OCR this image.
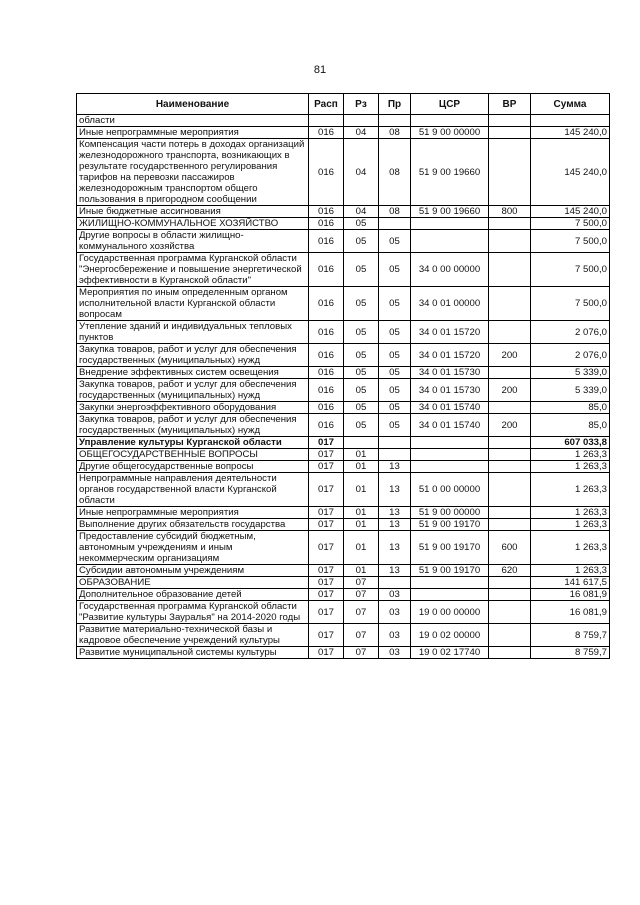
81
Наименование	Расп	Рз	Пр	ЦСР	ВР	Сумма
области						
Иные непрограммные мероприятия	016	04	08	51 9 00 00000		145 240,0
Компенсация части потерь в доходах организаций железнодорожного транспорта, возникающих в результате государственного регулирования тарифов на перевозки пассажиров железнодорожным транспортом общего пользования в пригородном сообщении	016	04	08	51 9 00 19660		145 240,0
Иные бюджетные ассигнования	016	04	08	51 9 00 19660	800	145 240,0
ЖИЛИЩНО-КОММУНАЛЬНОЕ ХОЗЯЙСТВО	016	05				7 500,0
Другие вопросы в области жилищно-коммунального хозяйства	016	05	05			7 500,0
Государственная программа Курганской области "Энергосбережение и повышение энергетической эффективности в Курганской области"	016	05	05	34 0 00 00000		7 500,0
Мероприятия по иным определенным органом исполнительной власти Курганской области вопросам	016	05	05	34 0 01 00000		7 500,0
Утепление зданий и индивидуальных тепловых пунктов	016	05	05	34 0 01 15720		2 076,0
Закупка товаров, работ и услуг для обеспечения государственных (муниципальных) нужд	016	05	05	34 0 01 15720	200	2 076,0
Внедрение эффективных систем освещения	016	05	05	34 0 01 15730		5 339,0
Закупка товаров, работ и услуг для обеспечения государственных (муниципальных) нужд	016	05	05	34 0 01 15730	200	5 339,0
Закупки энергоэффективного оборудования	016	05	05	34 0 01 15740		85,0
Закупка товаров, работ и услуг для обеспечения государственных (муниципальных) нужд	016	05	05	34 0 01 15740	200	85,0
Управление культуры Курганской области	017					607 033,8
ОБЩЕГОСУДАРСТВЕННЫЕ ВОПРОСЫ	017	01				1 263,3
Другие общегосударственные вопросы	017	01	13			1 263,3
Непрограммные направления деятельности органов государственной власти Курганской области	017	01	13	51 0 00 00000		1 263,3
Иные непрограммные мероприятия	017	01	13	51 9 00 00000		1 263,3
Выполнение других обязательств государства	017	01	13	51 9 00 19170		1 263,3
Предоставление субсидий бюджетным, автономным учреждениям и иным некоммерческим организациям	017	01	13	51 9 00 19170	600	1 263,3
Субсидии автономным учреждениям	017	01	13	51 9 00 19170	620	1 263,3
ОБРАЗОВАНИЕ	017	07				141 617,5
Дополнительное образование детей	017	07	03			16 081,9
Государственная программа Курганской области "Развитие культуры Зауралья" на 2014-2020 годы	017	07	03	19 0 00 00000		16 081,9
Развитие материально-технической базы и кадровое обеспечение учреждений культуры	017	07	03	19 0 02 00000		8 759,7
Развитие муниципальной системы культуры	017	07	03	19 0 02 17740		8 759,7
